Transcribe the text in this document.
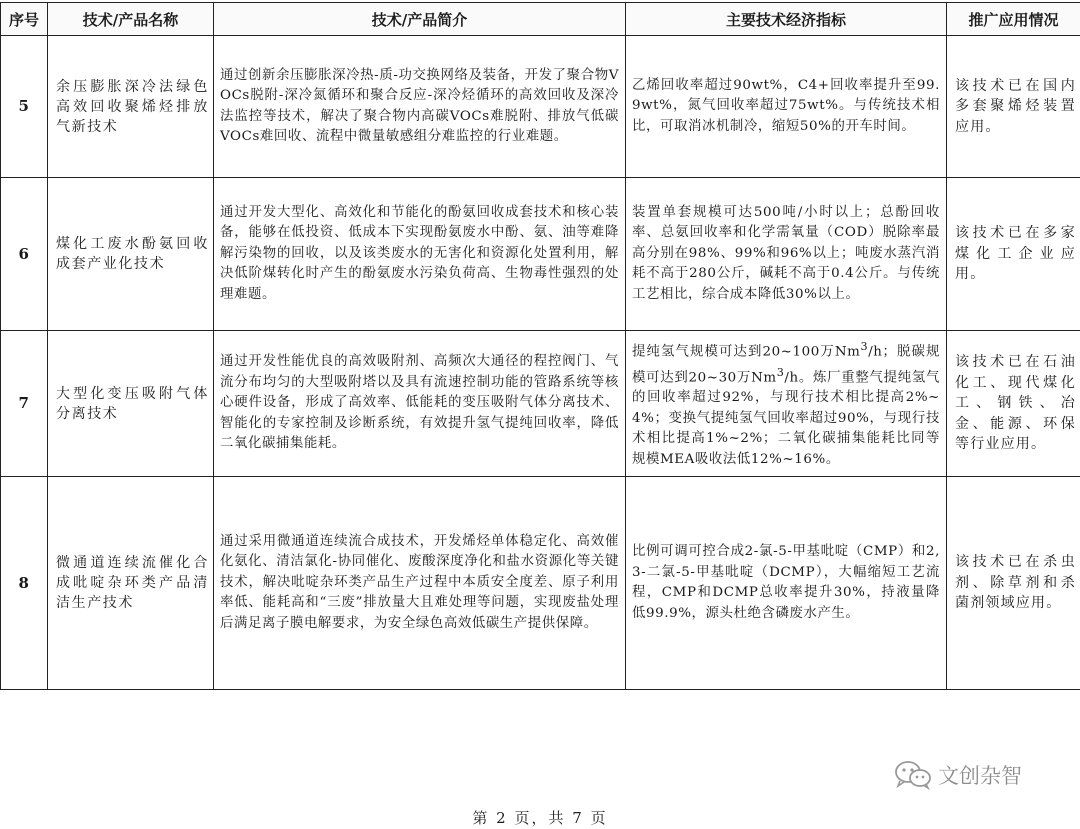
序号	技术/产品名称	技术/产品简介	主要技术经济指标	推广应用情况
5	余压膨胀深冷法绿色高效回收聚烯烃排放气新技术	通过创新余压膨胀深冷热-质-功交换网络及装备，开发了聚合物VOCs脱附-深冷氮循环和聚合反应-深冷烃循环的高效回收及深冷法监控等技术，解决了聚合物内高碳VOCs难脱附、排放气低碳VOCs难回收、流程中微量敏感组分难监控的行业难题。	乙烯回收率超过90wt%，C4+回收率提升至99.9wt%，氮气回收率超过75wt%。与传统技术相比，可取消冰机制冷，缩短50%的开车时间。	该技术已在国内多套聚烯烃装置应用。

6	煤化工废水酚氨回收成套产业化技术	通过开发大型化、高效化和节能化的酚氨回收成套技术和核心装备，能够在低投资、低成本下实现酚氨废水中酚、氨、油等难降解污染物的回收，以及该类废水的无害化和资源化处置利用，解决低阶煤转化时产生的酚氨废水污染负荷高、生物毒性强烈的处理难题。	装置单套规模可达500吨/小时以上；总酚回收率、总氨回收率和化学需氧量（COD）脱除率最高分别在98%、99%和96%以上；吨废水蒸汽消耗不高于280公斤，碱耗不高于0.4公斤。与传统工艺相比，综合成本降低30%以上。	该技术已在多家煤化工企业应用。

7	大型化变压吸附气体分离技术	通过开发性能优良的高效吸附剂、高频次大通径的程控阀门、气流分布均匀的大型吸附塔以及具有流速控制功能的管路系统等核心硬件设备，形成了高效率、低能耗的变压吸附气体分离技术、智能化的专家控制及诊断系统，有效提升氢气提纯回收率，降低二氧化碳捕集能耗。	提纯氢气规模可达到20~100万Nm$^3$/h；脱碳规模可达到20~30万Nm$^3$/h。炼厂重整气提纯氢气的回收率超过92%，与现行技术相比提高2%~4%；变换气提纯氢气回收率超过90%，与现行技术相比提高1%~2%；二氧化碳捕集能耗比同等规模MEA吸收法低12%~16%。	该技术已在石油化工、现代煤化工、钢铁、冶金、能源、环保等行业应用。

8	微通道连续流催化合成吡啶杂环类产品清洁生产技术	通过采用微通道连续流合成技术，开发烯烃单体稳定化、高效催化氨化、清洁氯化-协同催化、废酸深度净化和盐水资源化等关键技术，解决吡啶杂环类产品生产过程中本质安全度差、原子利用率低、能耗高和“三废”排放量大且难处理等问题，实现废盐处理后满足离子膜电解要求，为安全绿色高效低碳生产提供保障。	比例可调可控合成2-氯-5-甲基吡啶（CMP）和2,3-二氯-5-甲基吡啶（DCMP），大幅缩短工艺流程，CMP和DCMP总收率提升30%，持液量降低99.9%，源头杜绝含磷废水产生。	该技术已在杀虫剂、除草剂和杀菌剂领域应用。
文创杂智
第 2 页，共 7 页
